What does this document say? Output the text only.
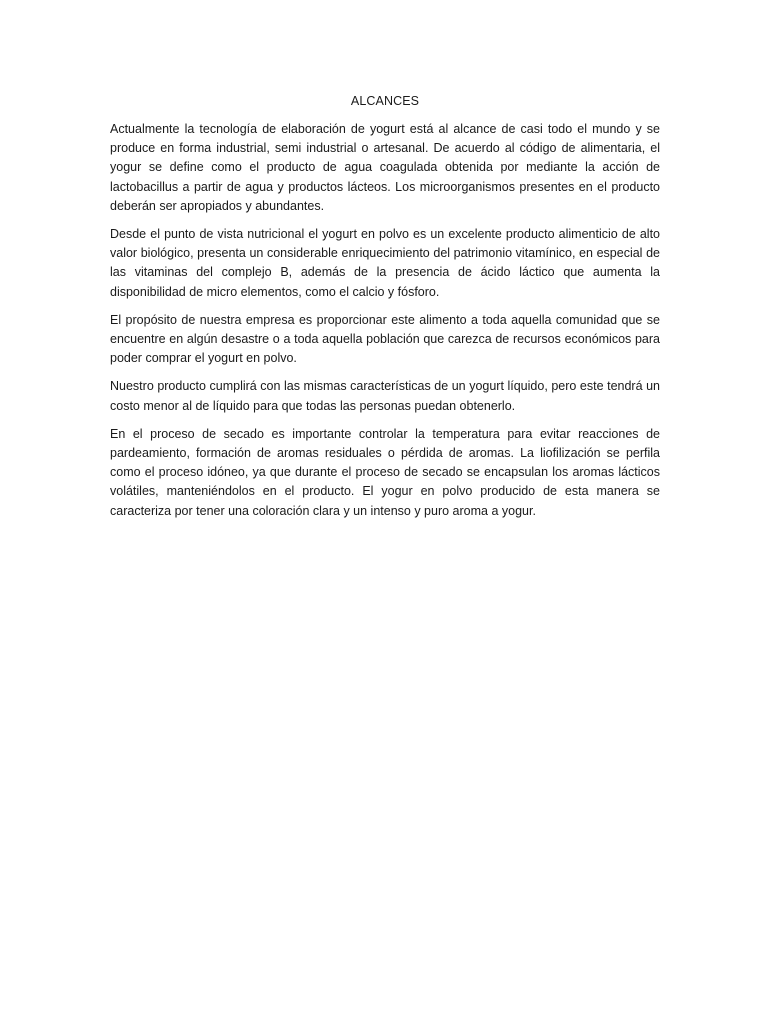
ALCANCES

Actualmente la tecnología de elaboración de yogurt está al alcance de casi todo el mundo y se produce en forma industrial, semi industrial o artesanal. De acuerdo al código de alimentaria, el yogur se define como el producto de agua coagulada obtenida por mediante la acción de lactobacillus a partir de agua y productos lácteos. Los microorganismos presentes en el producto deberán ser apropiados y abundantes.

Desde el punto de vista nutricional el yogurt en polvo es un excelente producto alimenticio de alto valor biológico, presenta un considerable enriquecimiento del patrimonio vitamínico, en especial de las vitaminas del complejo B, además de la presencia de ácido láctico que aumenta la disponibilidad de micro elementos, como el calcio y fósforo.

El propósito de nuestra empresa es proporcionar este alimento a toda aquella comunidad que se encuentre en algún desastre o a toda aquella población que carezca de recursos económicos para poder comprar el yogurt en polvo.

Nuestro producto cumplirá con las mismas características de un yogurt líquido, pero este tendrá un costo menor al de líquido para que todas las personas puedan obtenerlo.

En el proceso de secado es importante controlar la temperatura para evitar reacciones de pardeamiento, formación de aromas residuales o pérdida de aromas. La liofilización se perfila como el proceso idóneo, ya que durante el proceso de secado se encapsulan los aromas lácticos volátiles, manteniéndolos en el producto. El yogur en polvo producido de esta manera se caracteriza por tener una coloración clara y un intenso y puro aroma a yogur.
